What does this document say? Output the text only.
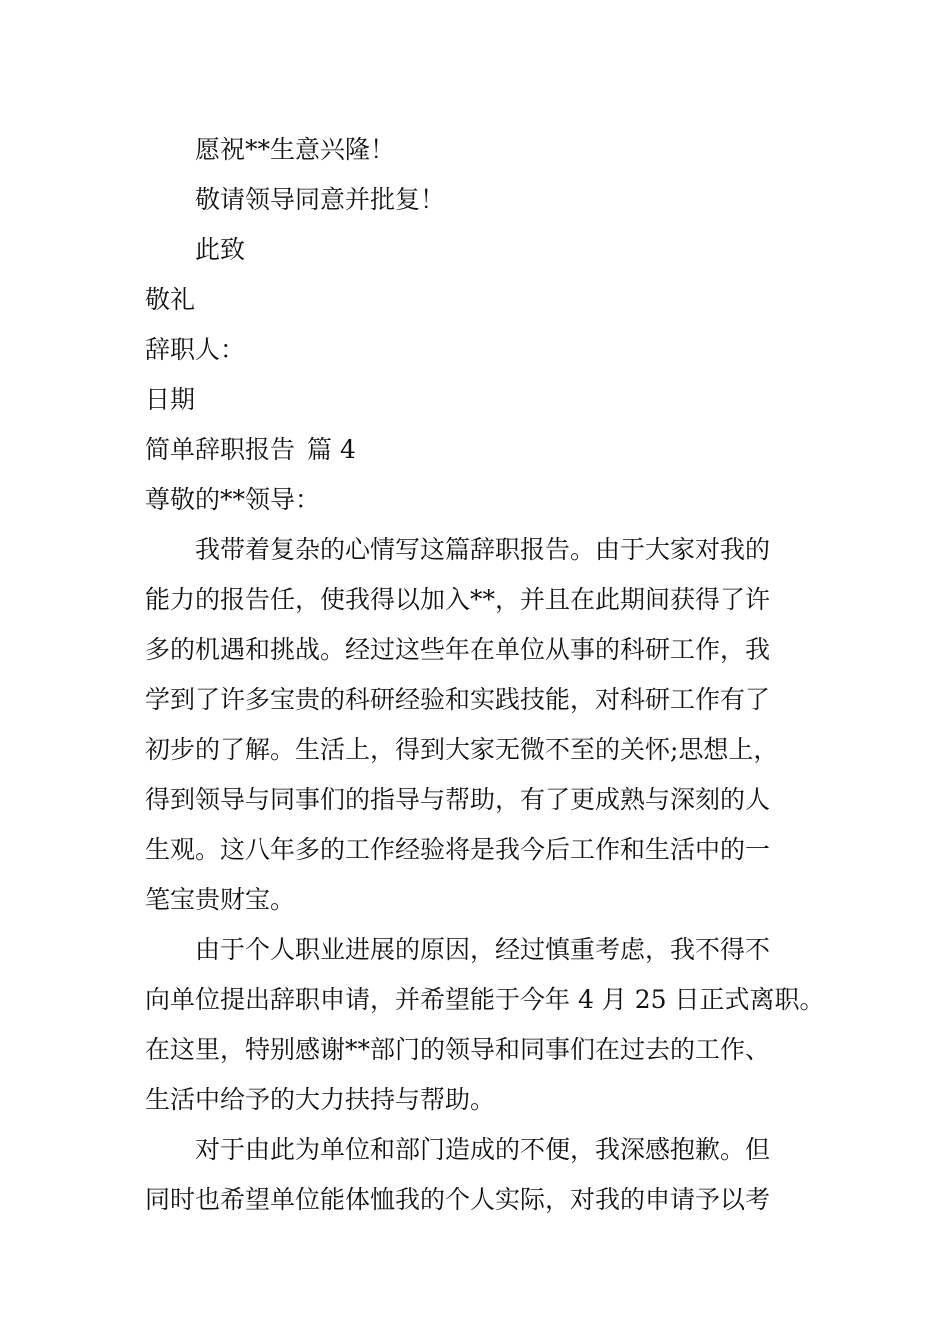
愿祝**生意兴隆！
敬请领导同意并批复！
此致
敬礼
辞职人：
日期
简单辞职报告 篇 4
尊敬的**领导：
我带着复杂的心情写这篇辞职报告。由于大家对我的
能力的报告任，使我得以加入**，并且在此期间获得了许
多的机遇和挑战。经过这些年在单位从事的科研工作，我
学到了许多宝贵的科研经验和实践技能，对科研工作有了
初步的了解。生活上，得到大家无微不至的关怀;思想上，
得到领导与同事们的指导与帮助，有了更成熟与深刻的人
生观。这八年多的工作经验将是我今后工作和生活中的一
笔宝贵财宝。
由于个人职业进展的原因，经过慎重考虑，我不得不
向单位提出辞职申请，并希望能于今年 4 月 25 日正式离职。
在这里，特别感谢**部门的领导和同事们在过去的工作、
生活中给予的大力扶持与帮助。
对于由此为单位和部门造成的不便，我深感抱歉。但
同时也希望单位能体恤我的个人实际，对我的申请予以考
